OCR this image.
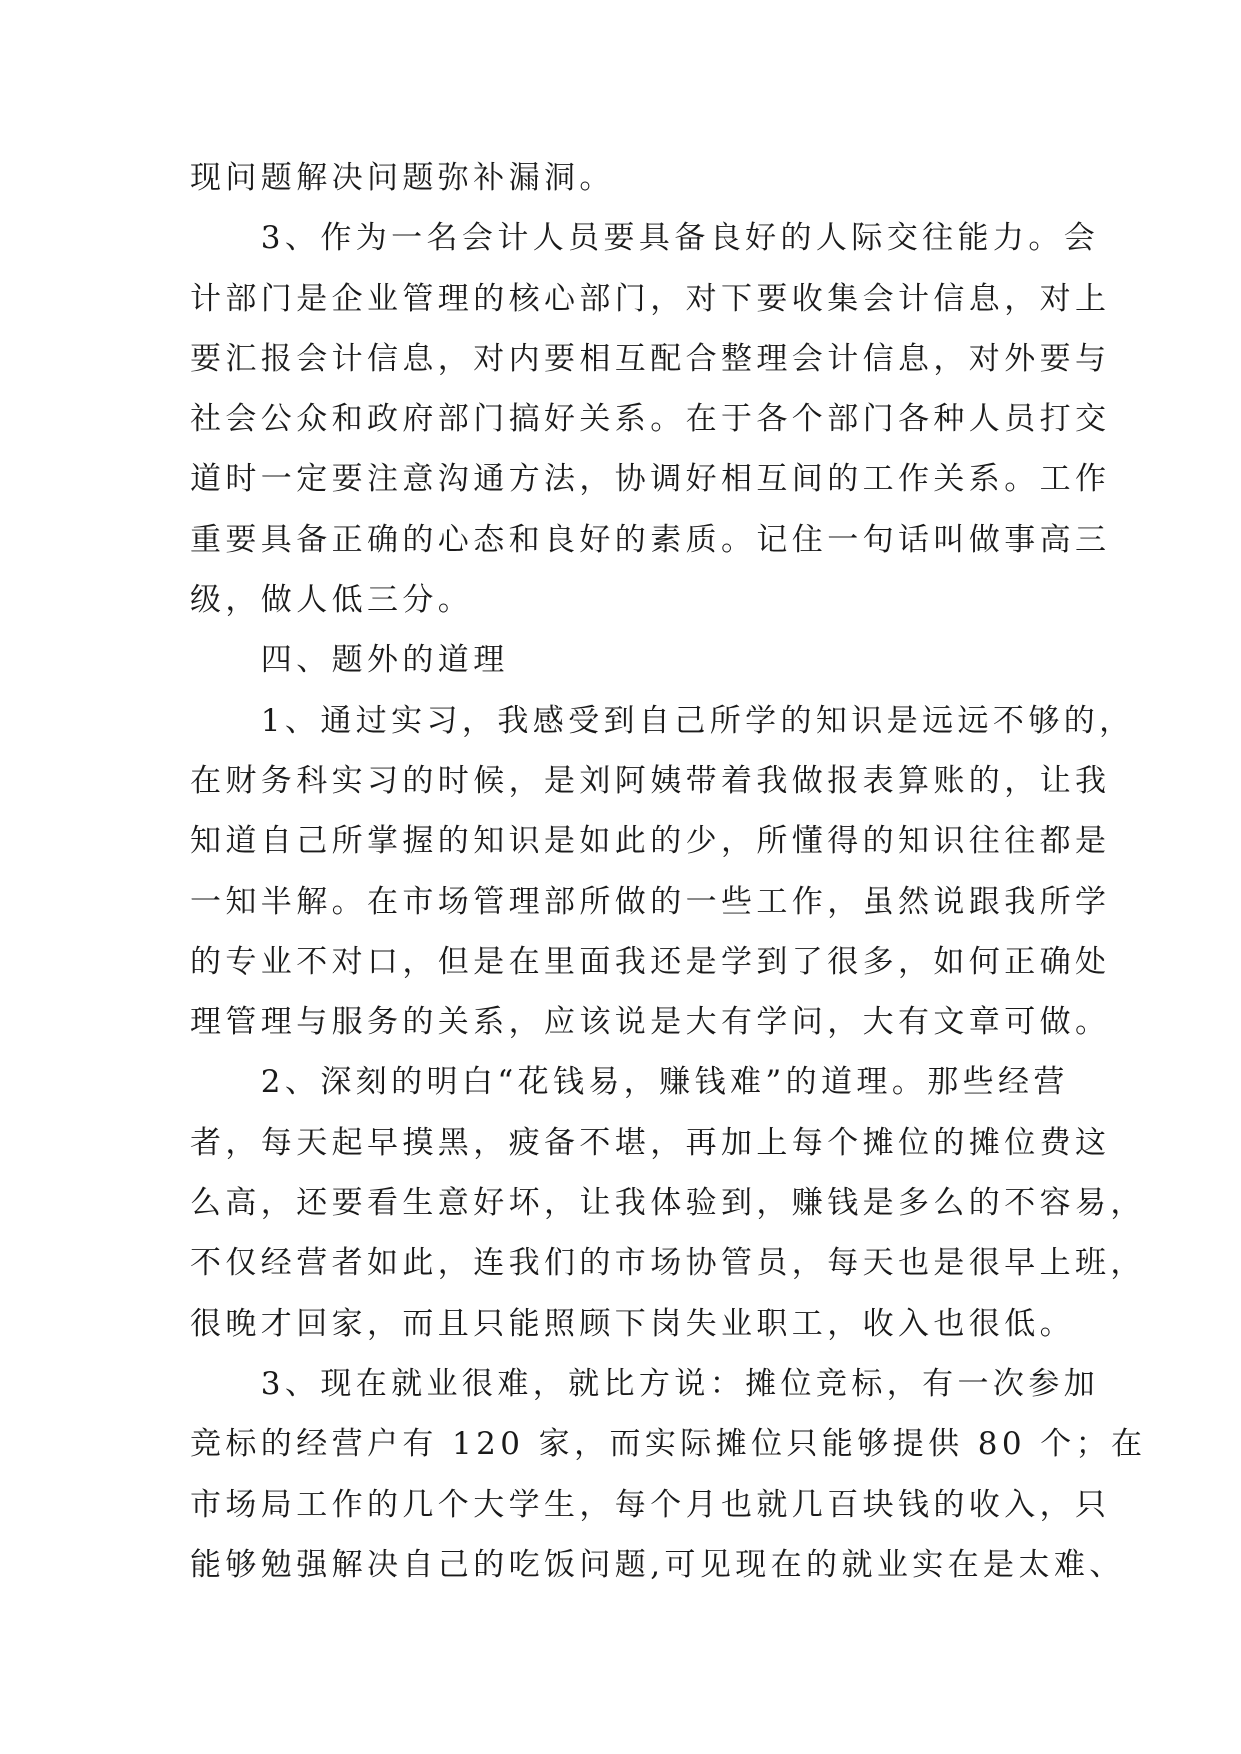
现问题解决问题弥补漏洞。
　　3、作为一名会计人员要具备良好的人际交往能力。会
计部门是企业管理的核心部门，对下要收集会计信息，对上
要汇报会计信息，对内要相互配合整理会计信息，对外要与
社会公众和政府部门搞好关系。在于各个部门各种人员打交
道时一定要注意沟通方法，协调好相互间的工作关系。工作
重要具备正确的心态和良好的素质。记住一句话叫做事高三
级，做人低三分。
　　四、题外的道理
　　1、通过实习，我感受到自己所学的知识是远远不够的，
在财务科实习的时候，是刘阿姨带着我做报表算账的，让我
知道自己所掌握的知识是如此的少，所懂得的知识往往都是
一知半解。在市场管理部所做的一些工作，虽然说跟我所学
的专业不对口，但是在里面我还是学到了很多，如何正确处
理管理与服务的关系，应该说是大有学问，大有文章可做。
　　2、深刻的明白“花钱易，赚钱难”的道理。那些经营
者，每天起早摸黑，疲备不堪，再加上每个摊位的摊位费这
么高，还要看生意好坏，让我体验到，赚钱是多么的不容易，
不仅经营者如此，连我们的市场协管员，每天也是很早上班，
很晚才回家，而且只能照顾下岗失业职工，收入也很低。
　　3、现在就业很难，就比方说：摊位竞标，有一次参加
竞标的经营户有 120 家，而实际摊位只能够提供 80 个；在
市场局工作的几个大学生，每个月也就几百块钱的收入，只
能够勉强解决自己的吃饭问题,可见现在的就业实在是太难、
